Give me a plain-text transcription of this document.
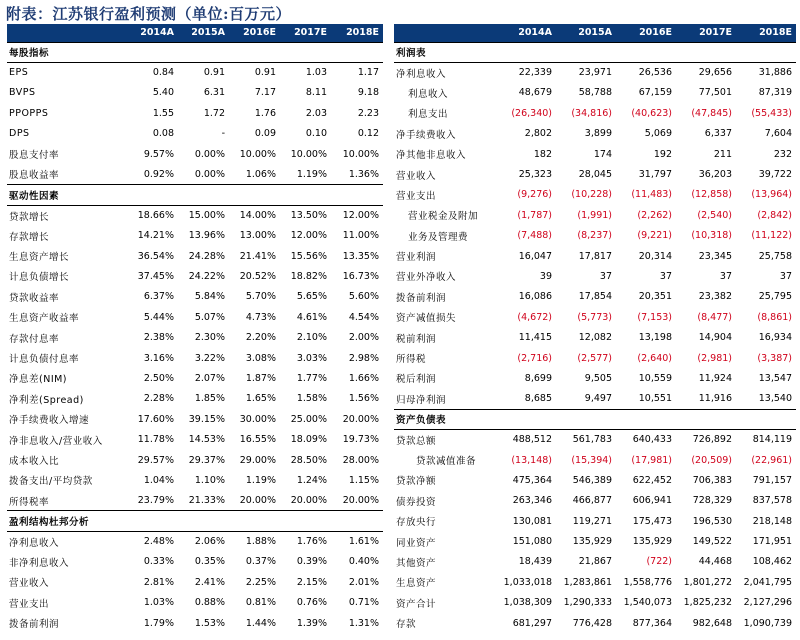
附表：江苏银行盈利预测（单位:百万元）
	2014A	2015A	2016E	2017E	2018E
每股指标					
EPS	0.84	0.91	0.91	1.03	1.17
BVPS	5.40	6.31	7.17	8.11	9.18
PPOPPS	1.55	1.72	1.76	2.03	2.23
DPS	0.08	-	0.09	0.10	0.12
股息支付率	9.57%	0.00%	10.00%	10.00%	10.00%
股息收益率	0.92%	0.00%	1.06%	1.19%	1.36%
驱动性因素					
贷款增长	18.66%	15.00%	14.00%	13.50%	12.00%
存款增长	14.21%	13.96%	13.00%	12.00%	11.00%
生息资产增长	36.54%	24.28%	21.41%	15.56%	13.35%
计息负债增长	37.45%	24.22%	20.52%	18.82%	16.73%
贷款收益率	6.37%	5.84%	5.70%	5.65%	5.60%
生息资产收益率	5.44%	5.07%	4.73%	4.61%	4.54%
存款付息率	2.38%	2.30%	2.20%	2.10%	2.00%
计息负债付息率	3.16%	3.22%	3.08%	3.03%	2.98%
净息差(NIM)	2.50%	2.07%	1.87%	1.77%	1.66%
净利差(Spread)	2.28%	1.85%	1.65%	1.58%	1.56%
净手续费收入增速	17.60%	39.15%	30.00%	25.00%	20.00%
净非息收入/营业收入	11.78%	14.53%	16.55%	18.09%	19.73%
成本收入比	29.57%	29.37%	29.00%	28.50%	28.00%
拨备支出/平均贷款	1.04%	1.10%	1.19%	1.24%	1.15%
所得税率	23.79%	21.33%	20.00%	20.00%	20.00%
盈利结构杜邦分析					
净利息收入	2.48%	2.06%	1.88%	1.76%	1.61%
非净利息收入	0.33%	0.35%	0.37%	0.39%	0.40%
营业收入	2.81%	2.41%	2.25%	2.15%	2.01%
营业支出	1.03%	0.88%	0.81%	0.76%	0.71%
拨备前利润	1.79%	1.53%	1.44%	1.39%	1.31%
	2014A	2015A	2016E	2017E	2018E
利润表					
净利息收入	22,339	23,971	26,536	29,656	31,886
利息收入	48,679	58,788	67,159	77,501	87,319
利息支出	(26,340)	(34,816)	(40,623)	(47,845)	(55,433)
净手续费收入	2,802	3,899	5,069	6,337	7,604
净其他非息收入	182	174	192	211	232
营业收入	25,323	28,045	31,797	36,203	39,722
营业支出	(9,276)	(10,228)	(11,483)	(12,858)	(13,964)
营业税金及附加	(1,787)	(1,991)	(2,262)	(2,540)	(2,842)
业务及管理费	(7,488)	(8,237)	(9,221)	(10,318)	(11,122)
营业利润	16,047	17,817	20,314	23,345	25,758
营业外净收入	39	37	37	37	37
拨备前利润	16,086	17,854	20,351	23,382	25,795
资产减值损失	(4,672)	(5,773)	(7,153)	(8,477)	(8,861)
税前利润	11,415	12,082	13,198	14,904	16,934
所得税	(2,716)	(2,577)	(2,640)	(2,981)	(3,387)
税后利润	8,699	9,505	10,559	11,924	13,547
归母净利润	8,685	9,497	10,551	11,916	13,540
资产负债表					
贷款总额	488,512	561,783	640,433	726,892	814,119
贷款减值准备	(13,148)	(15,394)	(17,981)	(20,509)	(22,961)
贷款净额	475,364	546,389	622,452	706,383	791,157
债券投资	263,346	466,877	606,941	728,329	837,578
存放央行	130,081	119,271	175,473	196,530	218,148
同业资产	151,080	135,929	135,929	149,522	171,951
其他资产	18,439	21,867	(722)	44,468	108,462
生息资产	1,033,018	1,283,861	1,558,776	1,801,272	2,041,795
资产合计	1,038,309	1,290,333	1,540,073	1,825,232	2,127,296
存款	681,297	776,428	877,364	982,648	1,090,739
